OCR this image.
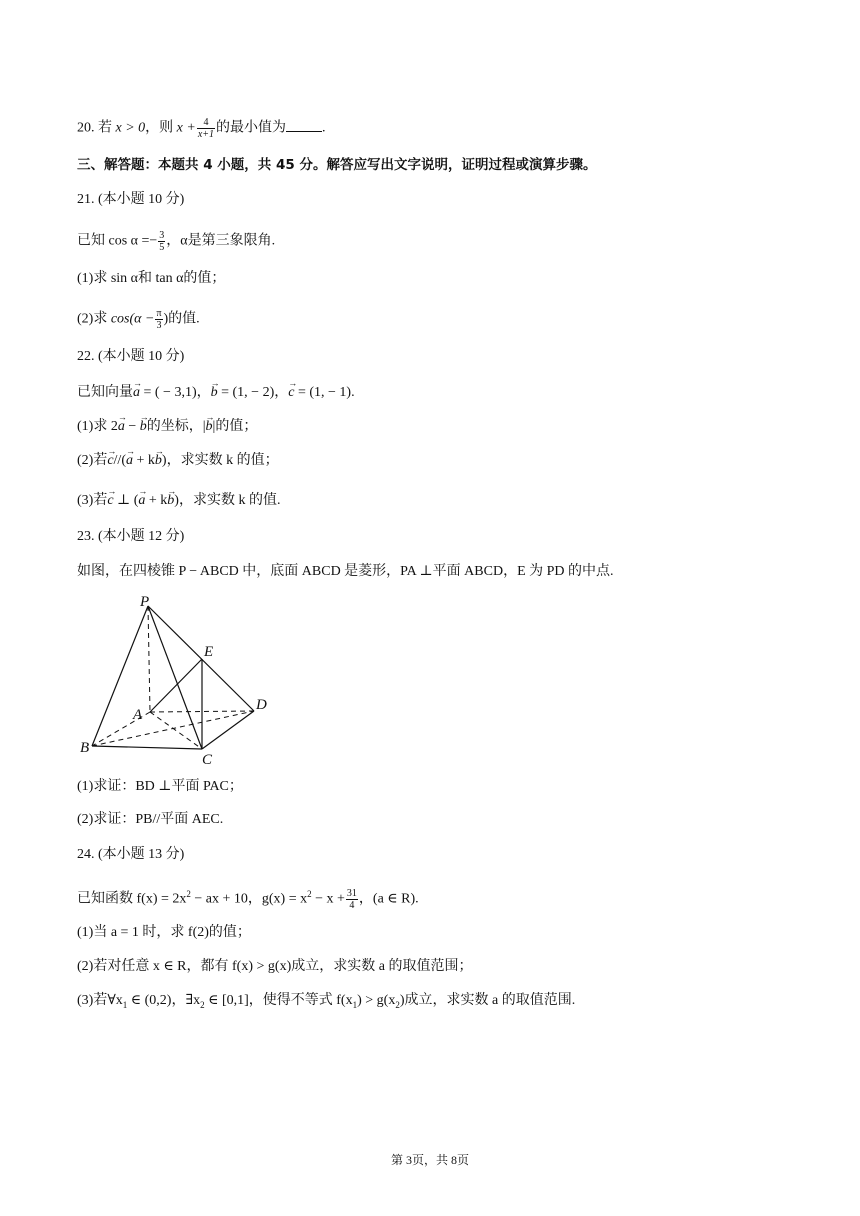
20. 若 x > 0，则 $x + \frac{4}{x+1}$ 的最小值为	.
三、解答题：本题共 4 小题，共 45 分。解答应写出文字说明，证明过程或演算步骤。
21. (本小题 10 分)
已知 $\cos \alpha =- \frac{3}{5}$ ，α是第三象限角.
(1)求 sin α和 tan α的值；
(2)求 $\cos(\alpha - \frac{\pi}{3}$ )的值.
22. (本小题 10 分)
已知向量→ a = ( − 3,1)，→ b = (1, − 2)，→ c = (1, − 1).
(1)求 2→ a − → b的坐标，|→ b|的值；
(2)若→ c//(→ a + k→ b)，求实数 k 的值；
(3)若→ c ⊥ (→ a + k→ b)，求实数 k 的值.
23. (本小题 12 分)
如图，在四棱锥 P − ABCD 中，底面 ABCD 是菱形，PA ⊥平面 ABCD，E 为 PD 的中点.
P
E
A
D
B
C
(1)求证：BD ⊥平面 PAC；
(2)求证：PB//平面 AEC.
24. (本小题 13 分)
已知函数 $f(x) = 2x^2$ − ax + 10，$g(x) = x^2 - x + \frac{31}{4}$ ，(a ∈ R).
(1)当 a = 1 时，求 f(2)的值；
(2)若对任意 x ∈ R，都有 f(x) > g(x)成立，求实数 a 的取值范围；
(3)若$\forall x_1$ ∈ (0,2)，$\exists x_2$ ∈ [0,1]，使得不等式 $f(x_1) > g(x_2)$成立，求实数 a 的取值范围.
第 3页，共 8页
